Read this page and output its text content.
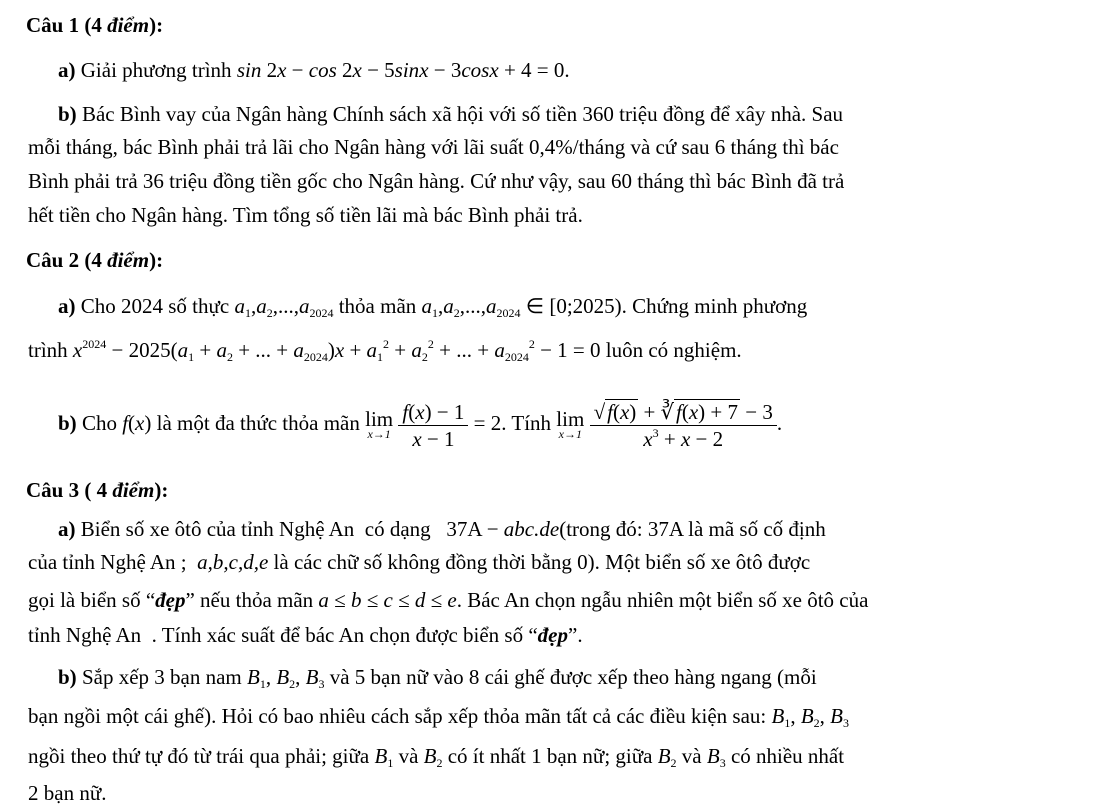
Câu 1 (4 điểm):
a) Giải phương trình sin 2x − cos 2x − 5sinx − 3cosx + 4 = 0.
b) Bác Bình vay của Ngân hàng Chính sách xã hội với số tiền 360 triệu đồng để xây nhà. Sau
mỗi tháng, bác Bình phải trả lãi cho Ngân hàng với lãi suất 0,4%/tháng và cứ sau 6 tháng thì bác
Bình phải trả 36 triệu đồng tiền gốc cho Ngân hàng. Cứ như vậy, sau 60 tháng thì bác Bình đã trả
hết tiền cho Ngân hàng. Tìm tổng số tiền lãi mà bác Bình phải trả.
Câu 2 (4 điểm):
a) Cho 2024 số thực $a_1,a_2,...,a_{2024}$ thỏa mãn $a_1,a_2,...,a_{2024}$ ∈ [0;2025). Chứng minh phương
trình $x^{2024} - 2025(a_1 + a_2$ + ... + $a_{2024})x + a_1^2 + a_2^2$ + ... + $a_{2024}^2 - 1 = 0$ luôn có nghiệm.
b) Cho f(x) là một đa thức thỏa mãn lim
x→1
$\frac{f(x) - 1}{x - 1} = 2$. Tính lim
x→1
$\frac{√f(x) + ∛f(x) + 7 - 3}{x^3 + x - 2}$ .
Câu 3 ( 4 điểm):
a) Biển số xe ôtô của tỉnh Nghệ An  có dạng   37A − abc.de(trong đó: 37A là mã số cố định
của tỉnh Nghệ An ;  a,b,c,d,e là các chữ số không đồng thời bằng 0). Một biển số xe ôtô được
gọi là biển số “đẹp” nếu thỏa mãn a ≤ b ≤ c ≤ d ≤ e. Bác An chọn ngẫu nhiên một biển số xe ôtô của
tỉnh Nghệ An  . Tính xác suất để bác An chọn được biển số “đẹp”.
b) Sắp xếp 3 bạn nam $B_1$, $B_2$, $B_3$ và 5 bạn nữ vào 8 cái ghế được xếp theo hàng ngang (mỗi
bạn ngồi một cái ghế). Hỏi có bao nhiêu cách sắp xếp thỏa mãn tất cả các điều kiện sau: $B_1$, $B_2$, $B_3$
ngồi theo thứ tự đó từ trái qua phải; giữa $B_1$ và $B_2$ có ít nhất 1 bạn nữ; giữa $B_2$ và $B_3$ có nhiều nhất
2 bạn nữ.
